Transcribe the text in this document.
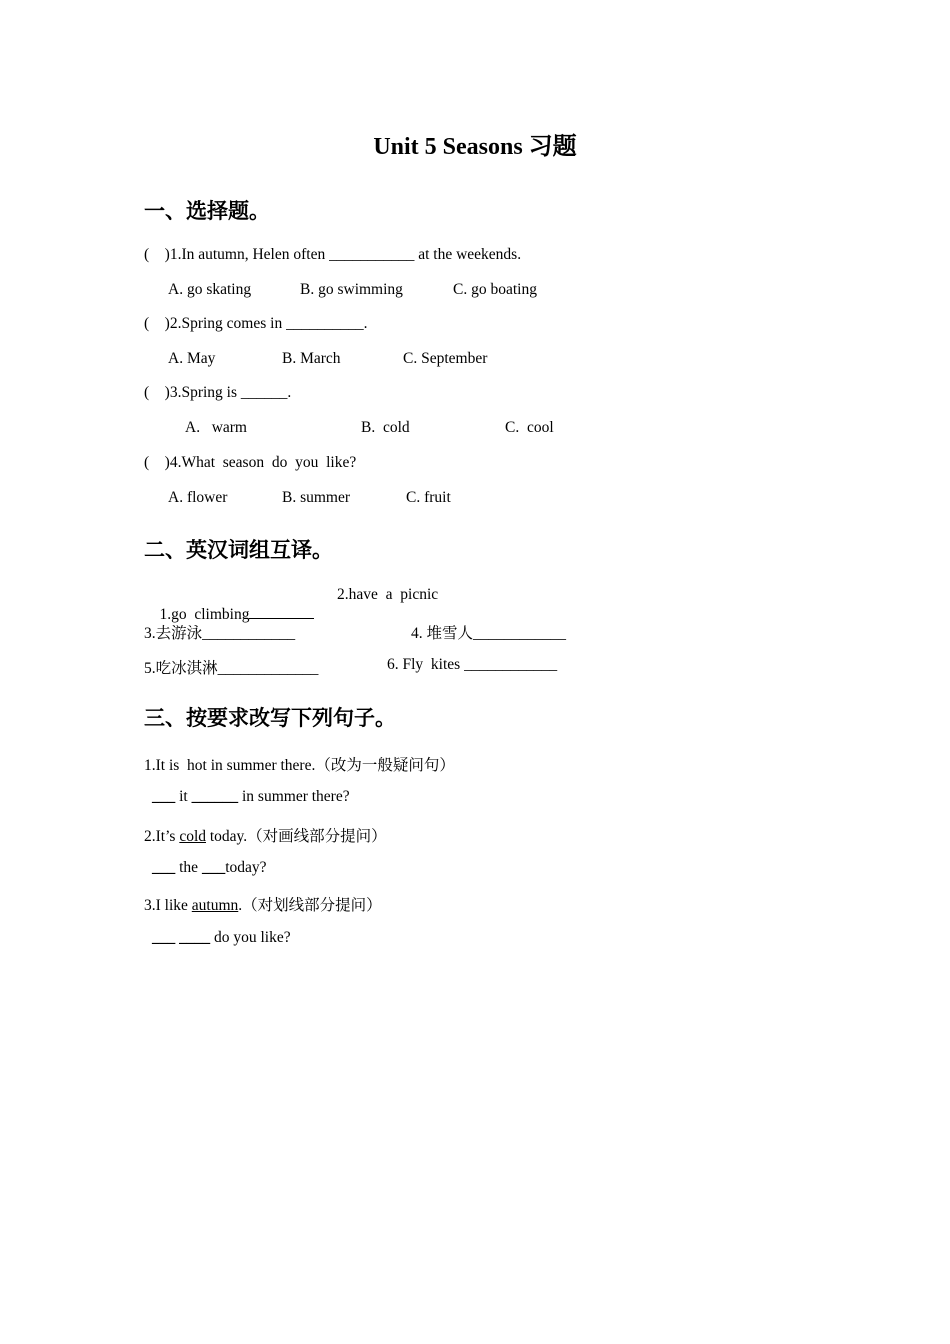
Unit 5 Seasons 习题
一、选择题。
(    )1.In autumn, Helen often ___________ at the weekends.
A. go skating	B. go swimming	C. go boating
(    )2.Spring comes in __________.
A. May	B. March	C. September
(    )3.Spring is ______.
A.   warm	B.  cold	C.  cool
(    )4.What  season  do  you  like?
A. flower	B. summer	C. fruit
二、英汉词组互译。

1.go  climbing

2.have  a  picnic
3.去游泳____________	4. 堆雪人____________
5.吃冰淇淋_____________	6. Fly  kites ____________
三、按要求改写下列句子。
1.It is  hot in summer there.（改为一般疑问句）
___ it ______ in summer there?
2.It’s cold today.（对画线部分提问）
___ the ___today?
3.I like autumn.（对划线部分提问）
___ ____ do you like?
